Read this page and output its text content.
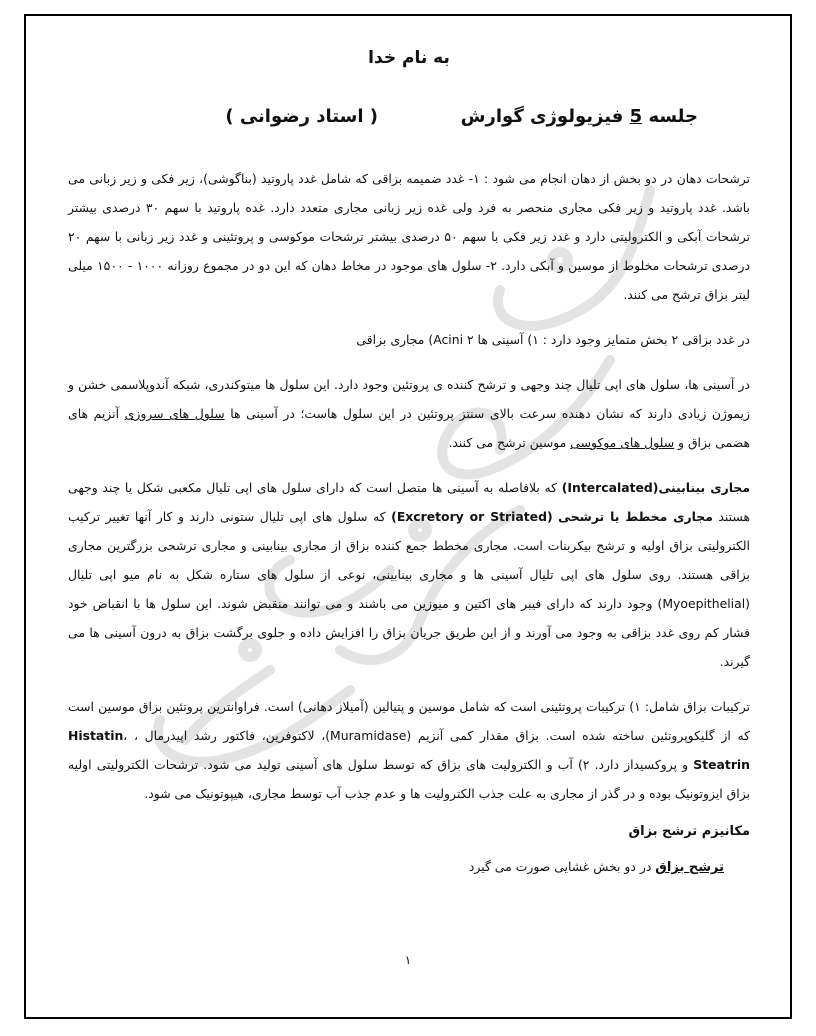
به نام خدا
جلسه 5 فیزیولوژی گوارش
( استاد رضوانی )

ترشحات دهان در دو بخش از دهان انجام می شود : ۱- غدد ضمیمه بزاقی که شامل غدد پاروتید (بناگوشی)، زیر فکی و زیر زبانی می باشد. غدد پاروتید و زیر فکی مجاری منحصر به فرد ولی غده زیر زبانی مجاری متعدد دارد. غده پاروتید با سهم ۳۰ درصدی بیشتر ترشحات آبکی و الکترولیتی دارد و غدد زیر فکی با سهم ۵۰ درصدی بیشتر ترشحات موکوسی و پروتئینی و غدد زیر زبانی با سهم ۲۰ درصدی ترشحات مخلوط از موسین و آبکی دارد. ۲- سلول های موجود در مخاط دهان که این دو در مجموع روزانه ۱۰۰۰ - ۱۵۰۰ میلی لیتر بزاق ترشح می کنند.

در غدد بزاقی ۲ بخش متمایز وجود دارد : ۱) آسینی ها Acini ۲) مجاری بزاقی

در آسینی ها، سلول های اپی تلیال چند وجهی و ترشح کننده ی پروتئین وجود دارد. این سلول ها میتوکندری، شبکه آندوپلاسمی خشن و زیموژن زیادی دارند که نشان دهنده سرعت بالای سنتز پروتئین در این سلول هاست؛ در آسینی ها سلول های سروزی آنزیم های هضمی بزاق و سلول های موکوسی موسین ترشح می کنند.

مجاری بینابینی(Intercalated) که بلافاصله به آسینی ها متصل است که دارای سلول های اپی تلیال مکعبی شکل یا چند وجهی هستند مجاری مخطط یا ترشحی (Excretory or Striated) که سلول های اپی تلیال ستونی دارند و کار آنها تغییر ترکیب الکترولیتی بزاق اولیه و ترشح بیکربنات است. مجاری مخطط جمع کننده بزاق از مجاری بینابینی و مجاری ترشحی بزرگترین مجاری بزاقی هستند. روی سلول های اپی تلیال آسینی ها و مجاری بینابینی، نوعی از سلول های ستاره شکل به نام میو اپی تلیال (Myoepithelial) وجود دارند که دارای فیبر های اکتین و میوزین می باشند و می توانند منقبض شوند. این سلول ها با انقباض خود فشار کم روی غدد بزاقی به وجود می آورند و از این طریق جریان بزاق را افزایش داده و جلوی برگشت بزاق به درون آسینی ها می گیرند.

ترکیبات بزاق شامل: ۱) ترکیبات پروتئینی است که شامل موسین و پتیالین (آمیلاز دهانی) است. فراوانترین پروتئین بزاق موسین است که از گلیکوپروتئین ساخته شده است. بزاق مقدار کمی آنزیم (Muramidase)، لاکتوفرین، فاکتور رشد اپیدرمال ، Histatin، Steatrin و پروکسیداز دارد. ۲) آب و الکترولیت های بزاق که توسط سلول های آسینی تولید می شود. ترشحات الکترولیتی اولیه بزاق ایزوتونیک بوده و در گذر از مجاری به علت جذب الکترولیت ها و عدم جذب آب توسط مجاری، هیپوتونیک می شود.

مکانیزم ترشح بزاق
ترشح بزاق در دو بخش غشایی صورت می گیرد
۱
